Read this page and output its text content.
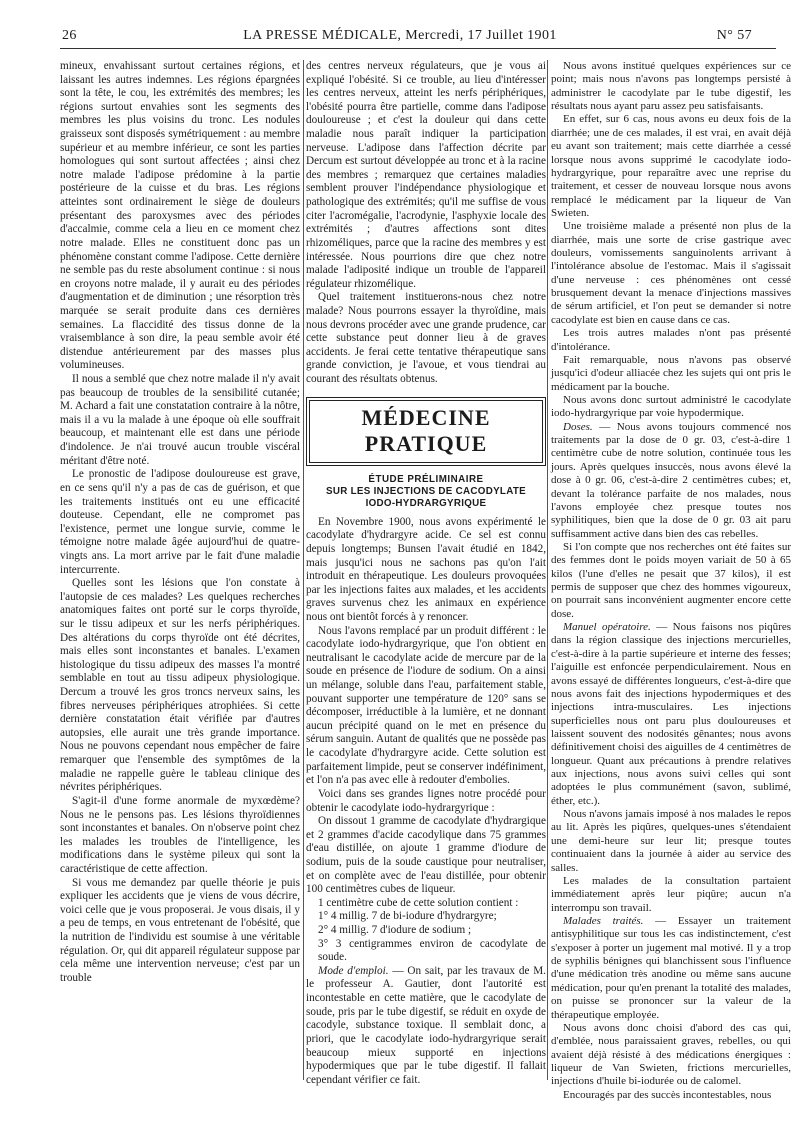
26	LA PRESSE MÉDICALE, Mercredi, 17 Juillet 1901	N° 57

mineux, envahissant surtout certaines régions, et laissant les autres indemnes. Les régions épargnées sont la tête, le cou, les extrémités des membres; les régions surtout envahies sont les segments des membres les plus voisins du tronc. Les nodules graisseux sont disposés symétriquement : au membre supérieur et au membre inférieur, ce sont les parties homologues qui sont surtout affectées ; ainsi chez notre malade l'adipose prédomine à la partie postérieure de la cuisse et du bras. Les régions atteintes sont ordinairement le siège de douleurs présentant des paroxysmes avec des périodes d'accalmie, comme cela a lieu en ce moment chez notre malade. Elles ne constituent donc pas un phénomène constant comme l'adipose. Cette dernière ne semble pas du reste absolument continue : si nous en croyons notre malade, il y aurait eu des périodes d'augmentation et de diminution ; une résorption très marquée se serait produite dans ces dernières semaines. La flaccidité des tissus donne de la vraisemblance à son dire, la peau semble avoir été distendue antérieurement par des masses plus volumineuses.

Il nous a semblé que chez notre malade il n'y avait pas beaucoup de troubles de la sensibilité cutanée; M. Achard a fait une constatation contraire à la nôtre, mais il a vu la malade à une époque où elle souffrait beaucoup, et maintenant elle est dans une période d'indolence. Je n'ai trouvé aucun trouble viscéral méritant d'être noté.

Le pronostic de l'adipose douloureuse est grave, en ce sens qu'il n'y a pas de cas de guérison, et que les traitements institués ont eu une efficacité douteuse. Cependant, elle ne compromet pas l'existence, permet une longue survie, comme le témoigne notre malade âgée aujourd'hui de quatre-vingts ans. La mort arrive par le fait d'une maladie intercurrente.

Quelles sont les lésions que l'on constate à l'autopsie de ces malades? Les quelques recherches anatomiques faites ont porté sur le corps thyroïde, sur le tissu adipeux et sur les nerfs périphériques. Des altérations du corps thyroïde ont été décrites, mais elles sont inconstantes et banales. L'examen histologique du tissu adipeux des masses l'a montré semblable en tout au tissu adipeux physiologique. Dercum a trouvé les gros troncs nerveux sains, les fibres nerveuses périphériques atrophiées. Si cette dernière constatation était vérifiée par d'autres autopsies, elle aurait une très grande importance. Nous ne pouvons cependant nous empêcher de faire remarquer que l'ensemble des symptômes de la maladie ne rappelle guère le tableau clinique des névrites périphériques.

S'agit-il d'une forme anormale de myxœdème? Nous ne le pensons pas. Les lésions thyroïdiennes sont inconstantes et banales. On n'observe point chez les malades les troubles de l'intelligence, les modifications dans le système pileux qui sont la caractéristique de cette affection.

Si vous me demandez par quelle théorie je puis expliquer les accidents que je viens de vous décrire, voici celle que je vous proposerai. Je vous disais, il y a peu de temps, en vous entretenant de l'obésité, que la nutrition de l'individu est soumise à une véritable régulation. Or, qui dit appareil régulateur suppose par cela même une intervention nerveuse; c'est par un trouble

des centres nerveux régulateurs, que je vous ai expliqué l'obésité. Si ce trouble, au lieu d'intéresser les centres nerveux, atteint les nerfs périphériques, l'obésité pourra être partielle, comme dans l'adipose douloureuse ; et c'est la douleur qui dans cette maladie nous paraît indiquer la participation nerveuse. L'adipose dans l'affection décrite par Dercum est surtout développée au tronc et à la racine des membres ; remarquez que certaines maladies semblent prouver l'indépendance physiologique et pathologique des extrémités; qu'il me suffise de vous citer l'acromégalie, l'acrodynie, l'asphyxie locale des extrémités ; d'autres affections sont dites rhizoméliques, parce que la racine des membres y est intéressée. Nous pourrions dire que chez notre malade l'adiposité indique un trouble de l'appareil régulateur rhizomélique.

Quel traitement instituerons-nous chez notre malade? Nous pourrons essayer la thyroïdine, mais nous devrons procéder avec une grande prudence, car cette substance peut donner lieu à de graves accidents. Je ferai cette tentative thérapeutique sans grande conviction, je l'avoue, et vous tiendrai au courant des résultats obtenus.

MÉDECINE PRATIQUE
ÉTUDE PRÉLIMINAIRE
SUR LES INJECTIONS DE CACODYLATE
IODO-HYDRARGYRIQUE

En Novembre 1900, nous avons expérimenté le cacodylate d'hydrargyre acide. Ce sel est connu depuis longtemps; Bunsen l'avait étudié en 1842, mais jusqu'ici nous ne sachons pas qu'on l'ait introduit en thérapeutique. Les douleurs provoquées par les injections faites aux malades, et les accidents graves survenus chez les animaux en expérience nous ont bientôt forcés à y renoncer.

Nous l'avons remplacé par un produit différent : le cacodylate iodo-hydrargyrique, que l'on obtient en neutralisant le cacodylate acide de mercure par de la soude en présence de l'iodure de sodium. On a ainsi un mélange, soluble dans l'eau, parfaitement stable, pouvant supporter une température de 120° sans se décomposer, irréductible à la lumière, et ne donnant aucun précipité quand on le met en présence du sérum sanguin. Autant de qualités que ne possède pas le cacodylate d'hydrargyre acide. Cette solution est parfaitement limpide, peut se conserver indéfiniment, et l'on n'a pas avec elle à redouter d'embolies.

Voici dans ses grandes lignes notre procédé pour obtenir le cacodylate iodo-hydrargyrique :

On dissout 1 gramme de cacodylate d'hydrargique et 2 grammes d'acide cacodylique dans 75 grammes d'eau distillée, on ajoute 1 gramme d'iodure de sodium, puis de la soude caustique pour neutraliser, et on complète avec de l'eau distillée, pour obtenir 100 centimètres cubes de liqueur.

1 centimètre cube de cette solution contient :

1° 4 millig. 7 de bi-iodure d'hydrargyre;

2° 4 millig. 7 d'iodure de sodium ;

3° 3 centigrammes environ de cacodylate de soude.

Mode d'emploi. — On sait, par les travaux de M. le professeur A. Gautier, dont l'autorité est incontestable en cette matière, que le cacodylate de soude, pris par le tube digestif, se réduit en oxyde de cacodyle, substance toxique. Il semblait donc, a priori, que le cacodylate iodo-hydrargyrique serait beaucoup mieux supporté en injections hypodermiques que par le tube digestif. Il fallait cependant vérifier ce fait.

Nous avons institué quelques expériences sur ce point; mais nous n'avons pas longtemps persisté à administrer le cacodylate par le tube digestif, les résultats nous ayant paru assez peu satisfaisants.

En effet, sur 6 cas, nous avons eu deux fois de la diarrhée; une de ces malades, il est vrai, en avait déjà eu avant son traitement; mais cette diarrhée a cessé lorsque nous avons supprimé le cacodylate iodo-hydrargyrique, pour reparaître avec une reprise du traitement, et cesser de nouveau lorsque nous avons remplacé le médicament par la liqueur de Van Swieten.

Une troisième malade a présenté non plus de la diarrhée, mais une sorte de crise gastrique avec douleurs, vomissements sanguinolents arrivant à l'intolérance absolue de l'estomac. Mais il s'agissait d'une nerveuse : ces phénomènes ont cessé brusquement devant la menace d'injections massives de sérum artificiel, et l'on peut se demander si notre cacodylate est bien en cause dans ce cas.

Les trois autres malades n'ont pas présenté d'intolérance.

Fait remarquable, nous n'avons pas observé jusqu'ici d'odeur alliacée chez les sujets qui ont pris le médicament par la bouche.

Nous avons donc surtout administré le cacodylate iodo-hydrargyrique par voie hypodermique.

Doses. — Nous avons toujours commencé nos traitements par la dose de 0 gr. 03, c'est-à-dire 1 centimètre cube de notre solution, continuée tous les jours. Après quelques insuccès, nous avons élevé la dose à 0 gr. 06, c'est-à-dire 2 centimètres cubes; et, devant la tolérance parfaite de nos malades, nous l'avons employée chez presque toutes nos syphilitiques, bien que la dose de 0 gr. 03 ait paru suffisamment active dans bien des cas rebelles.

Si l'on compte que nos recherches ont été faites sur des femmes dont le poids moyen variait de 50 à 65 kilos (l'une d'elles ne pesait que 37 kilos), il est permis de supposer que chez des hommes vigoureux, on pourrait sans inconvénient augmenter encore cette dose.

Manuel opératoire. — Nous faisons nos piqûres dans la région classique des injections mercurielles, c'est-à-dire à la partie supérieure et interne des fesses; l'aiguille est enfoncée perpendiculairement. Nous en avons essayé de différentes longueurs, c'est-à-dire que nous avons fait des injections hypodermiques et des injections intra-musculaires. Les injections superficielles nous ont paru plus douloureuses et laissent souvent des nodosités gênantes; nous avons définitivement choisi des aiguilles de 4 centimètres de longueur. Quant aux précautions à prendre relatives aux injections, nous avons suivi celles qui sont adoptées le plus communément (savon, sublimé, éther, etc.).

Nous n'avons jamais imposé à nos malades le repos au lit. Après les piqûres, quelques-unes s'étendaient une demi-heure sur leur lit; presque toutes continuaient dans la journée à aider au service des salles.

Les malades de la consultation partaient immédiatement après leur piqûre; aucun n'a interrompu son travail.

Malades traités. — Essayer un traitement antisyphilitique sur tous les cas indistinctement, c'est s'exposer à porter un jugement mal motivé. Il y a trop de syphilis bénignes qui blanchissent sous l'influence d'une médication très anodine ou même sans aucune médication, pour qu'en prenant la totalité des malades, on puisse se prononcer sur la valeur de la thérapeutique employée.

Nous avons donc choisi d'abord des cas qui, d'emblée, nous paraissaient graves, rebelles, ou qui avaient déjà résisté à des médications énergiques : liqueur de Van Swieten, frictions mercurielles, injections d'huile bi-iodurée ou de calomel.

Encouragés par des succès incontestables, nous
